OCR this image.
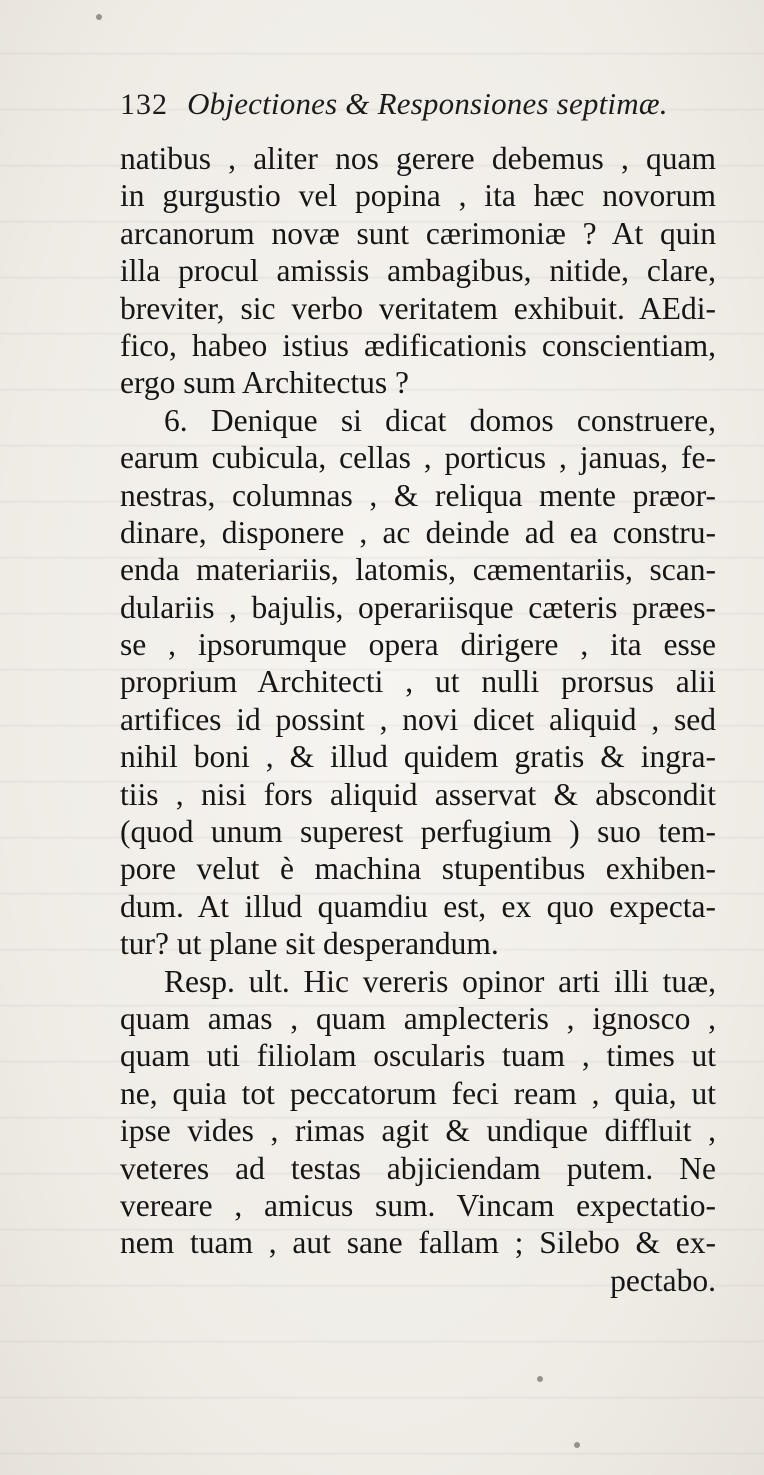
132 Objectiones & Responsiones septimæ.
natibus , aliter nos gerere debemus , quam
in gurgustio vel popina , ita hæc novorum
arcanorum novæ sunt cærimoniæ ? At quin
illa procul amissis ambagibus, nitide, clare,
breviter, sic verbo veritatem exhibuit. AEdi-
fico, habeo istius ædificationis conscientiam,
ergo sum Architectus ?
6. Denique si dicat domos construere,
earum cubicula, cellas , porticus , januas, fe-
nestras, columnas , & reliqua mente præor-
dinare, disponere , ac deinde ad ea constru-
enda materiariis, latomis, cæmentariis, scan-
dulariis , bajulis, operariisque cæteris præes-
se , ipsorumque opera dirigere , ita esse
proprium Architecti , ut nulli prorsus alii
artifices id possint , novi dicet aliquid , sed
nihil boni , & illud quidem gratis & ingra-
tiis , nisi fors aliquid asservat & abscondit
(quod unum superest perfugium ) suo tem-
pore velut è machina stupentibus exhiben-
dum. At illud quamdiu est, ex quo expecta-
tur? ut plane sit desperandum.
Resp. ult. Hic vereris opinor arti illi tuæ,
quam amas , quam amplecteris , ignosco ,
quam uti filiolam oscularis tuam , times ut
ne, quia tot peccatorum feci ream , quia, ut
ipse vides , rimas agit & undique diffluit ,
veteres ad testas abjiciendam putem. Ne
vereare , amicus sum. Vincam expectatio-
nem tuam , aut sane fallam ; Silebo & ex-
pectabo.
